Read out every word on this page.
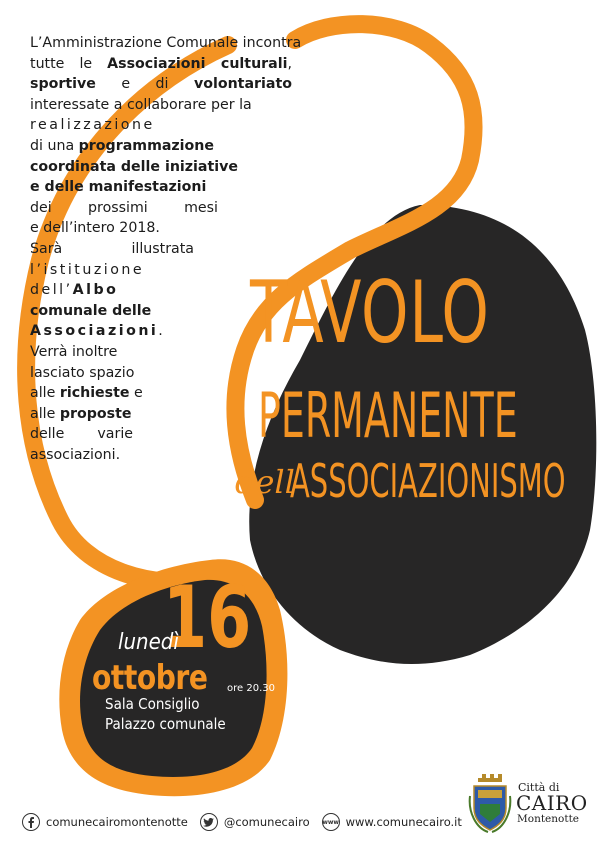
L’Amministrazione Comunale incontra
tutte le Associazioni culturali,
sportive e di volontariato
interessate a collaborare per la
realizzazione
di una programmazione
coordinata delle iniziative
e delle manifestazioni
dei prossimi mesi
e dell’intero 2018.
Sarà illustrata
l’istituzione
dell’Albo
comunale delle
Associazioni.
Verrà inoltre
lasciato spazio
alle richieste e
alle proposte
delle varie
associazioni.
TAVOLO
PERMANENTE
dell
ASSOCIAZIONISMO
16
lunedì
ottobre ore 20.30
Sala Consiglio
Palazzo comunale
comunecairomontenotte	@comunecairo www www.comunecairo.it
Città di
CAIRO
Montenotte
